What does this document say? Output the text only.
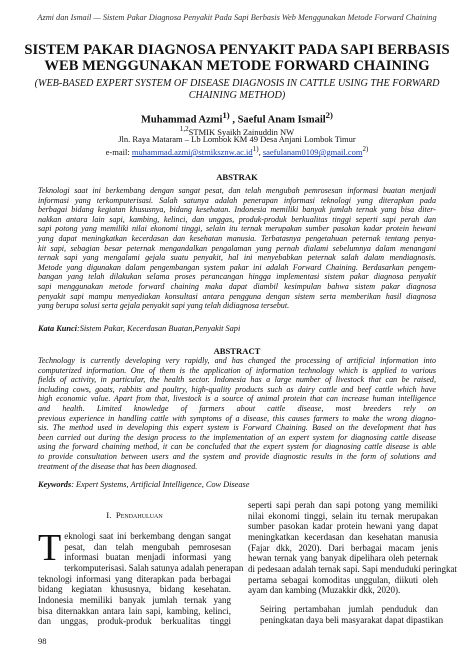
Azmi dan Ismail — Sistem Pakar Diagnosa Penyakit Pada Sapi Berbasis Web Menggunakan Metode Forward Chaining
SISTEM PAKAR DIAGNOSA PENYAKIT PADA SAPI BERBASIS
WEB MENGGUNAKAN METODE FORWARD CHAINING
(WEB-BASED EXPERT SYSTEM OF DISEASE DIAGNOSIS IN CATTLE USING THE FORWARD
CHAINING METHOD)
Muhammad Azmi$^{1)}$ , Saeful Anam Ismail$^{2)}$
$^{1,2}$STMIK Syaikh Zainuddin NW
Jln. Raya Mataram – Lb Lombok KM 49 Desa Anjani Lombok Timur
e-mail: $muhammad.azmi@stmiksznw.ac.id^{1)}$, saefulanam0109@gmail.com$^{2)}$
ABSTRAK
Teknologi saat ini berkembang dengan sangat pesat, dan telah mengubah pemrosesan informasi buatan menjadi
informasi yang terkomputerisasi. Salah satunya adalah penerapan informasi teknologi yang diterapkan pada
berbagai bidang kegiatan khususnya, bidang kesehatan. Indonesia memiliki banyak jumlah ternak yang bisa diter-
nakkan antara lain sapi, kambing, kelinci, dan unggas, produk-produk berkualitas tinggi seperti sapi perah dan
sapi potong yang memiliki nilai ekonomi tinggi, selain itu ternak merupakan sumber pasokan kadar protein hewani
yang dapat meningkatkan kecerdasan dan kesehatan manusia. Terbatasnya pengetahuan peternak tentang penya-
kit sapi, sebagian besar peternak mengandalkan pengalaman yang pernah dialami sebelumnya dalam menangani
ternak sapi yang mengalami gejala suatu penyakit, hal ini menyebabkan peternak salah dalam mendiagnosis.
Metode yang digunakan dalam pengembangan system pakar ini adalah Forward Chaining. Berdasarkan pengem-
bangan yang telah dilakukan selama proses perancangan hingga implementasi sistem pakar diagnosa penyakit
sapi menggunakan metode forward chaining maka dapat diambil kesimpulan bahwa sistem pakar diagnosa
penyakit sapi mampu menyediakan konsultasi antara pengguna dengan sistem serta memberikan hasil diagnosa
yang berupa solusi serta gejala penyakit sapi yang telah didiagnosa tersebut.
Kata Kunci:Sistem Pakar, Kecerdasan Buatan,Penyakit Sapi
ABSTRACT
Technology is currently developing very rapidly, and has changed the processing of artificial information into
computerized information. One of them is the application of information technology which is applied to various
fields of activity, in particular, the health sector. Indonesia has a large number of livestock that can be raised,
including cows, goats, rabbits and poultry, high-quality products such as dairy cattle and beef cattle which have
high economic value. Apart from that, livestock is a source of animal protein that can increase human intelligence
and health. Limited knowledge of farmers about cattle disease, most breeders rely on
previous experience in handling cattle with symptoms of a disease, this causes farmers to make the wrong diagno-
sis. The method used in developing this expert system is Forward Chaining. Based on the development that has
been carried out during the design process to the implementation of an expert system for diagnosing cattle disease
using the forward chaining method, it can be concluded that the expert system for diagnosing cattle disease is able
to provide consultation between users and the system and provide diagnostic results in the form of solutions and
treatment of the disease that has been diagnosed.
Keywords: Expert Systems, Artificial Intelligence, Cow Disease
I. Pendahuluan
T eknologi saat ini berkembang dengan sangat
pesat, dan telah mengubah pemrosesan
informasi buatan menjadi informasi yang
terkomputerisasi. Salah satunya adalah penerapan
teknologi informasi yang diterapkan pada berbagai
bidang kegiatan khususnya, bidang kesehatan.
Indonesia memiliki banyak jumlah ternak yang
bisa diternakkan antara lain sapi, kambing, kelinci,
dan unggas, produk-produk berkualitas tinggi
seperti sapi perah dan sapi potong yang memiliki
nilai ekonomi tinggi, selain itu ternak merupakan
sumber pasokan kadar protein hewani yang dapat
meningkatkan kecerdasan dan kesehatan manusia
(Fajar dkk, 2020). Dari berbagai macam jenis
hewan ternak yang banyak dipelihara oleh peternak
di pedesaan adalah ternak sapi. Sapi menduduki peringkat
pertama sebagai komoditas unggulan, diikuti oleh
ayam dan kambing (Muzakkir dkk, 2020).
Seiring pertambahan jumlah penduduk dan
peningkatan daya beli masyarakat dapat dipastikan
98
